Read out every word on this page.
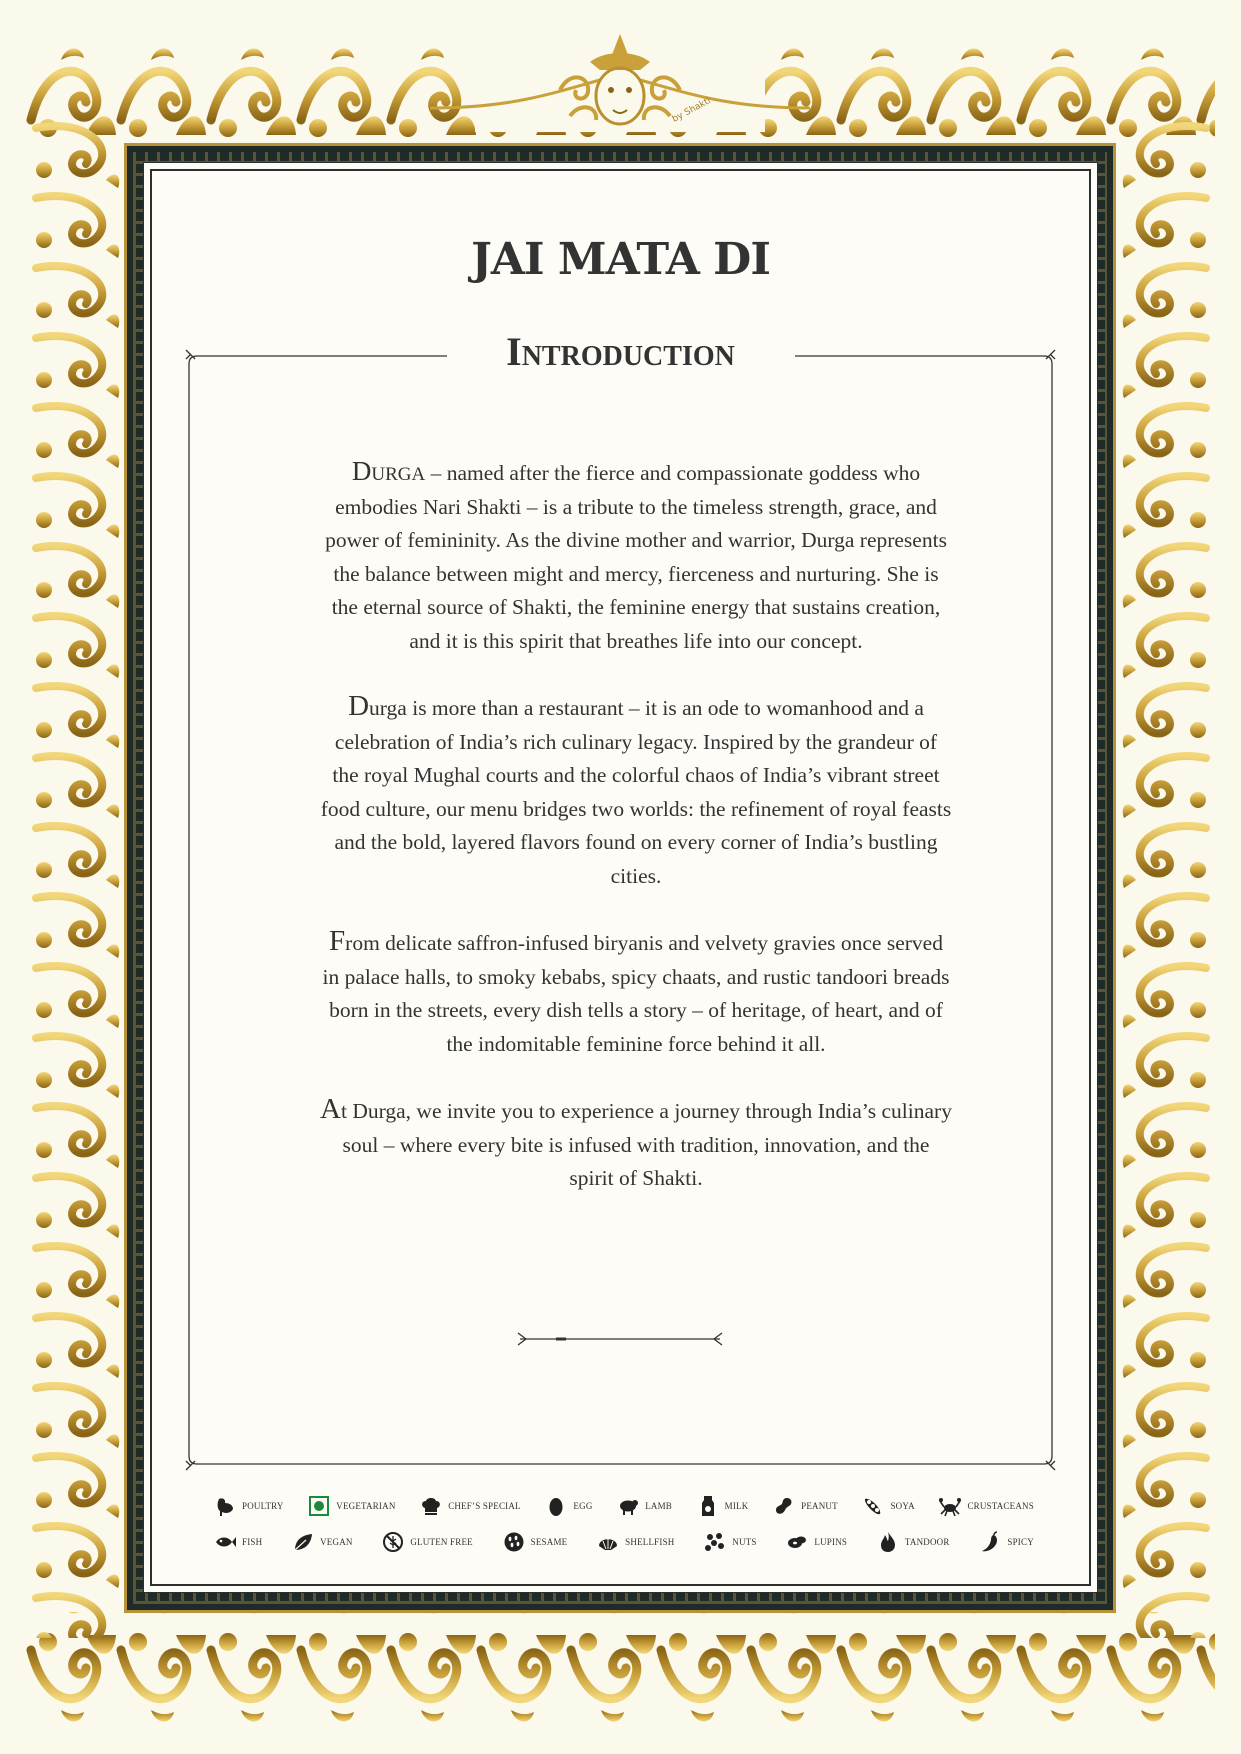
by Shakti
JAI MATA DI
Introduction

Durga – named after the fierce and compassionate goddess who embodies Nari Shakti – is a tribute to the timeless strength, grace, and power of femininity. As the divine mother and warrior, Durga represents the balance between might and mercy, fierceness and nurturing. She is the eternal source of Shakti, the feminine energy that sustains creation, and it is this spirit that breathes life into our concept.

Durga is more than a restaurant – it is an ode to womanhood and a celebration of India’s rich culinary legacy. Inspired by the grandeur of the royal Mughal courts and the colorful chaos of India’s vibrant street food culture, our menu bridges two worlds: the refinement of royal feasts and the bold, layered flavors found on every corner of India’s bustling cities.

From delicate saffron-infused biryanis and velvety gravies once served in palace halls, to smoky kebabs, spicy chaats, and rustic tandoori breads born in the streets, every dish tells a story – of heritage, of heart, and of the indomitable feminine force behind it all.

At Durga, we invite you to experience a journey through India’s culinary soul – where every bite is infused with tradition, innovation, and the spirit of Shakti.

POULTRY	VEGETARIAN	CHEF’S SPECIAL	EGG	LAMB	MILK	PEANUT	SOYA	CRUSTACEANS
FISH	VEGAN	GLUTEN FREE	SESAME	SHELLFISH	NUTS	LUPINS	TANDOOR	SPICY
